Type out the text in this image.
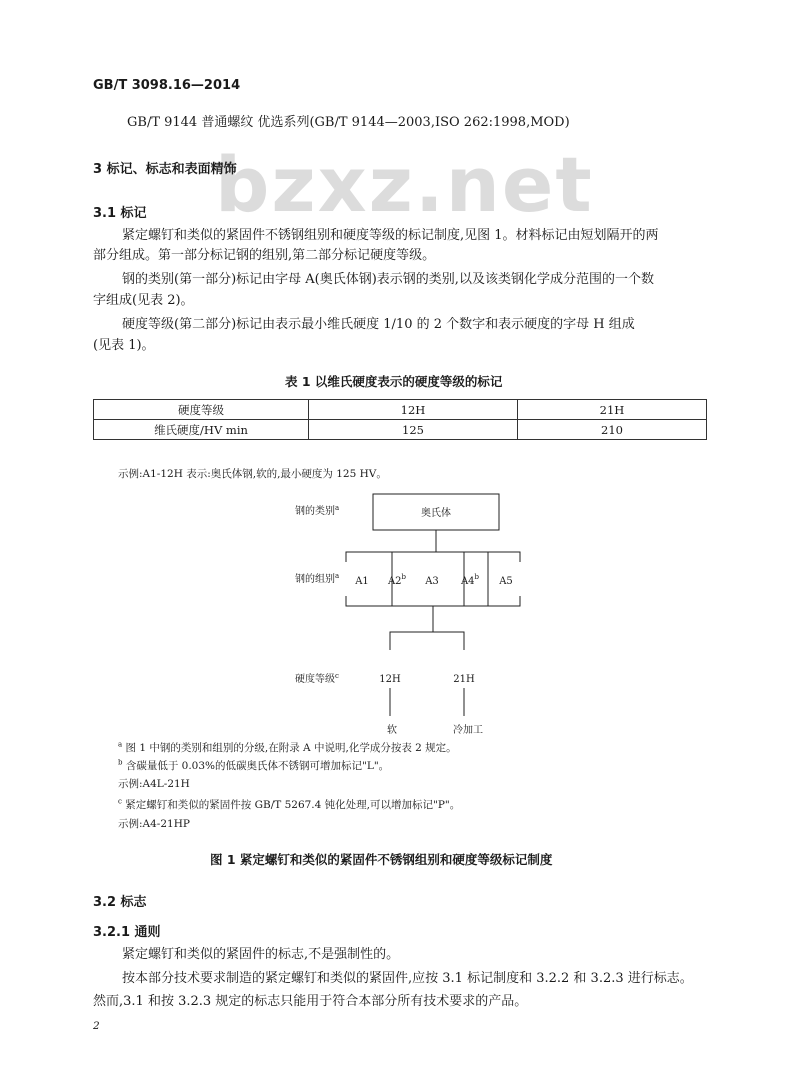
GB/T 3098.16—2014
bzxz.net
GB/T 9144 普通螺纹 优选系列(GB/T 9144—2003,ISO 262:1998,MOD)
3 标记、标志和表面精饰
3.1 标记
紧定螺钉和类似的紧固件不锈钢组别和硬度等级的标记制度,见图 1。材料标记由短划隔开的两
部分组成。第一部分标记钢的组别,第二部分标记硬度等级。
钢的类别(第一部分)标记由字母 A(奥氏体钢)表示钢的类别,以及该类钢化学成分范围的一个数
字组成(见表 2)。
硬度等级(第二部分)标记由表示最小维氏硬度 1/10 的 2 个数字和表示硬度的字母 H 组成
(见表 1)。
表 1 以维氏硬度表示的硬度等级的标记
硬度等级	12H	21H
维氏硬度/HV min	125	210
示例:A1-12H 表示:奥氏体钢,软的,最小硬度为 125 HV。
钢的类别$^a$	奥氏体
钢的组别$^a$ A1 A2$^b$ A3 A4$^b$ A5
硬度等级$^c$	12H	21H
软	冷加工
$^a$ 图 1 中钢的类别和组别的分级,在附录 A 中说明,化学成分按表 2 规定。
$^b$ 含碳量低于 0.03%的低碳奥氏体不锈钢可增加标记"L"。
示例:A4L-21H
$^c$ 紧定螺钉和类似的紧固件按 GB/T 5267.4 钝化处理,可以增加标记"P"。
示例:A4-21HP
图 1 紧定螺钉和类似的紧固件不锈钢组别和硬度等级标记制度
3.2 标志
3.2.1 通则
紧定螺钉和类似的紧固件的标志,不是强制性的。
按本部分技术要求制造的紧定螺钉和类似的紧固件,应按 3.1 标记制度和 3.2.2 和 3.2.3 进行标志。
然而,3.1 和按 3.2.3 规定的标志只能用于符合本部分所有技术要求的产品。
2
